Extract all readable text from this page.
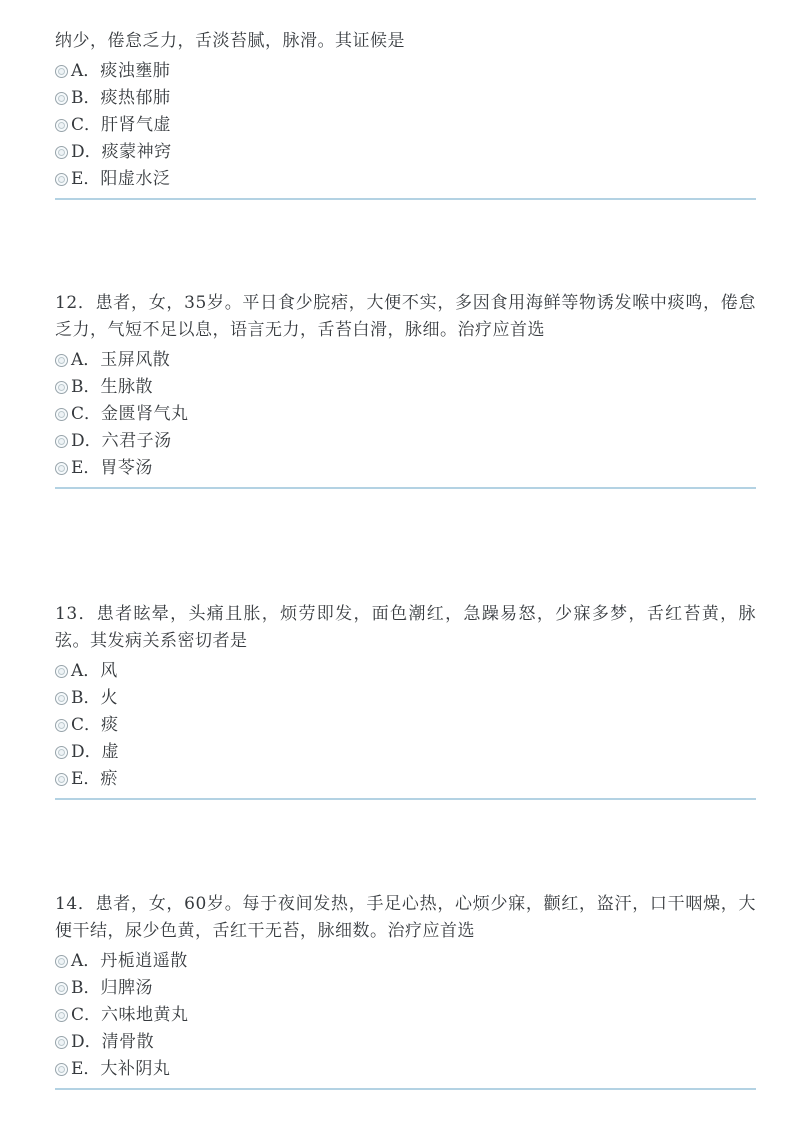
纳少，倦怠乏力，舌淡苔腻，脉滑。其证候是

A． 痰浊壅肺
B． 痰热郁肺
C． 肝肾气虚
D． 痰蒙神窍
E． 阳虚水泛

12．患者，女，35岁。平日食少脘痞，大便不实，多因食用海鲜等物诱发喉中痰鸣，倦怠乏力，气短不足以息，语言无力，舌苔白滑，脉细。治疗应首选

A． 玉屏风散
B． 生脉散
C． 金匮肾气丸
D． 六君子汤
E． 胃苓汤

13．患者眩晕，头痛且胀，烦劳即发，面色潮红，急躁易怒，少寐多梦，舌红苔黄，脉弦。其发病关系密切者是

A． 风
B． 火
C． 痰
D． 虚
E． 瘀

14．患者，女，60岁。每于夜间发热，手足心热，心烦少寐，颧红，盗汗，口干咽燥，大便干结，尿少色黄，舌红干无苔，脉细数。治疗应首选

A． 丹栀逍遥散
B． 归脾汤
C． 六味地黄丸
D． 清骨散
E． 大补阴丸
